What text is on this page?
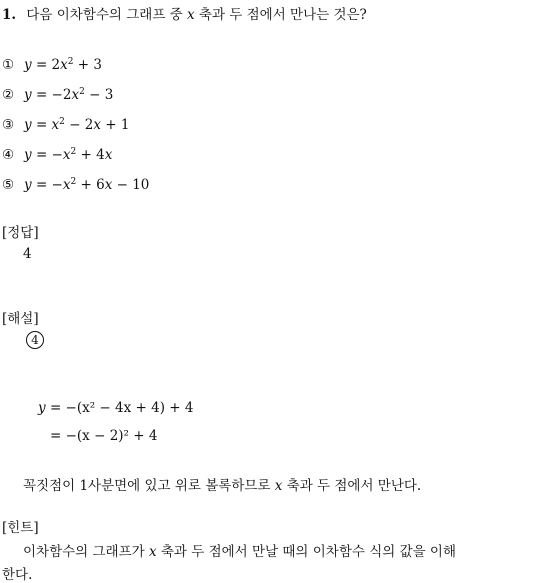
1. 다음 이차함수의 그래프 중 x 축과 두 점에서 만나는 것은?
① $y = 2x^2 + 3$
② $y = -2x^2 - 3$
③ $y = x^2 - 2x + 1$
④ $y = -x^2 + 4x$
⑤ $y = -x^2 + 6x - 10$
[정답]
4
[해설]
4
y = −(x² − 4x + 4) + 4
= −(x − 2)² + 4
꼭짓점이 1사분면에 있고 위로 볼록하므로 x 축과 두 점에서 만난다.
[힌트]
이차함수의 그래프가 x 축과 두 점에서 만날 때의 이차함수 식의 값을 이해
한다.
